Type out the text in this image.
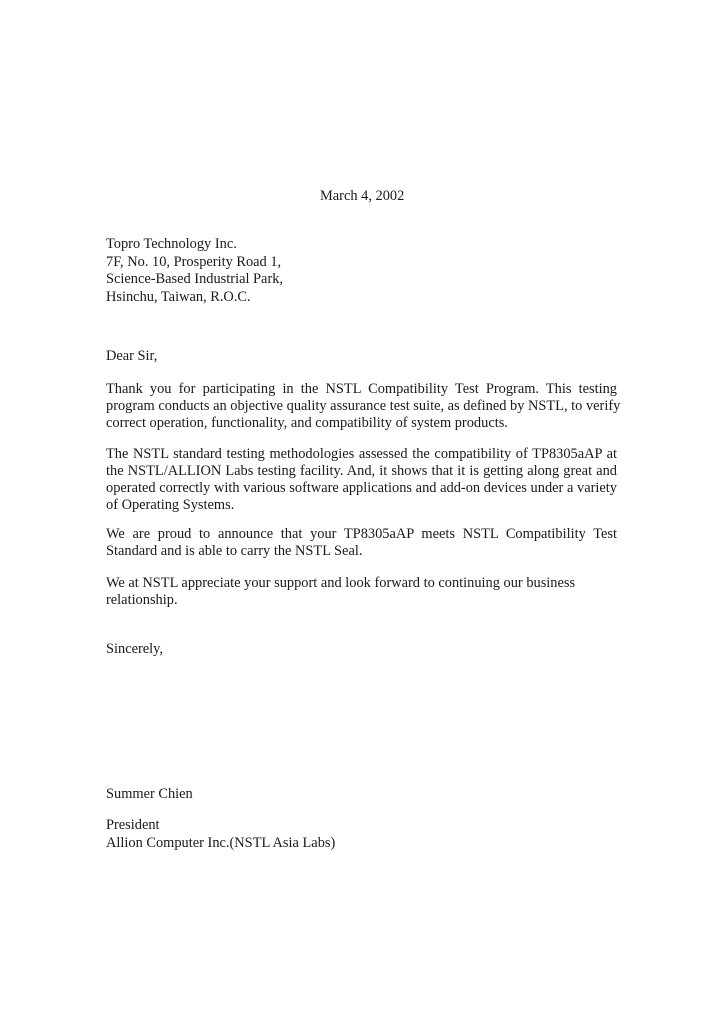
March 4, 2002
Topro Technology Inc.
7F, No. 10, Prosperity Road 1,
Science-Based Industrial Park,
Hsinchu, Taiwan, R.O.C.
Dear Sir,
Thank you for participating in the NSTL Compatibility Test Program. This testing
program conducts an objective quality assurance test suite, as defined by NSTL, to verify
correct operation, functionality, and compatibility of system products.
The NSTL standard testing methodologies assessed the compatibility of TP8305aAP at
the NSTL/ALLION Labs testing facility. And, it shows that it is getting along great and
operated correctly with various software applications and add-on devices under a variety
of Operating Systems.
We are proud to announce that your TP8305aAP meets NSTL Compatibility Test
Standard and is able to carry the NSTL Seal.
We at NSTL appreciate your support and look forward to continuing our business
relationship.
Sincerely,
Summer Chien
President
Allion Computer Inc.(NSTL Asia Labs)
